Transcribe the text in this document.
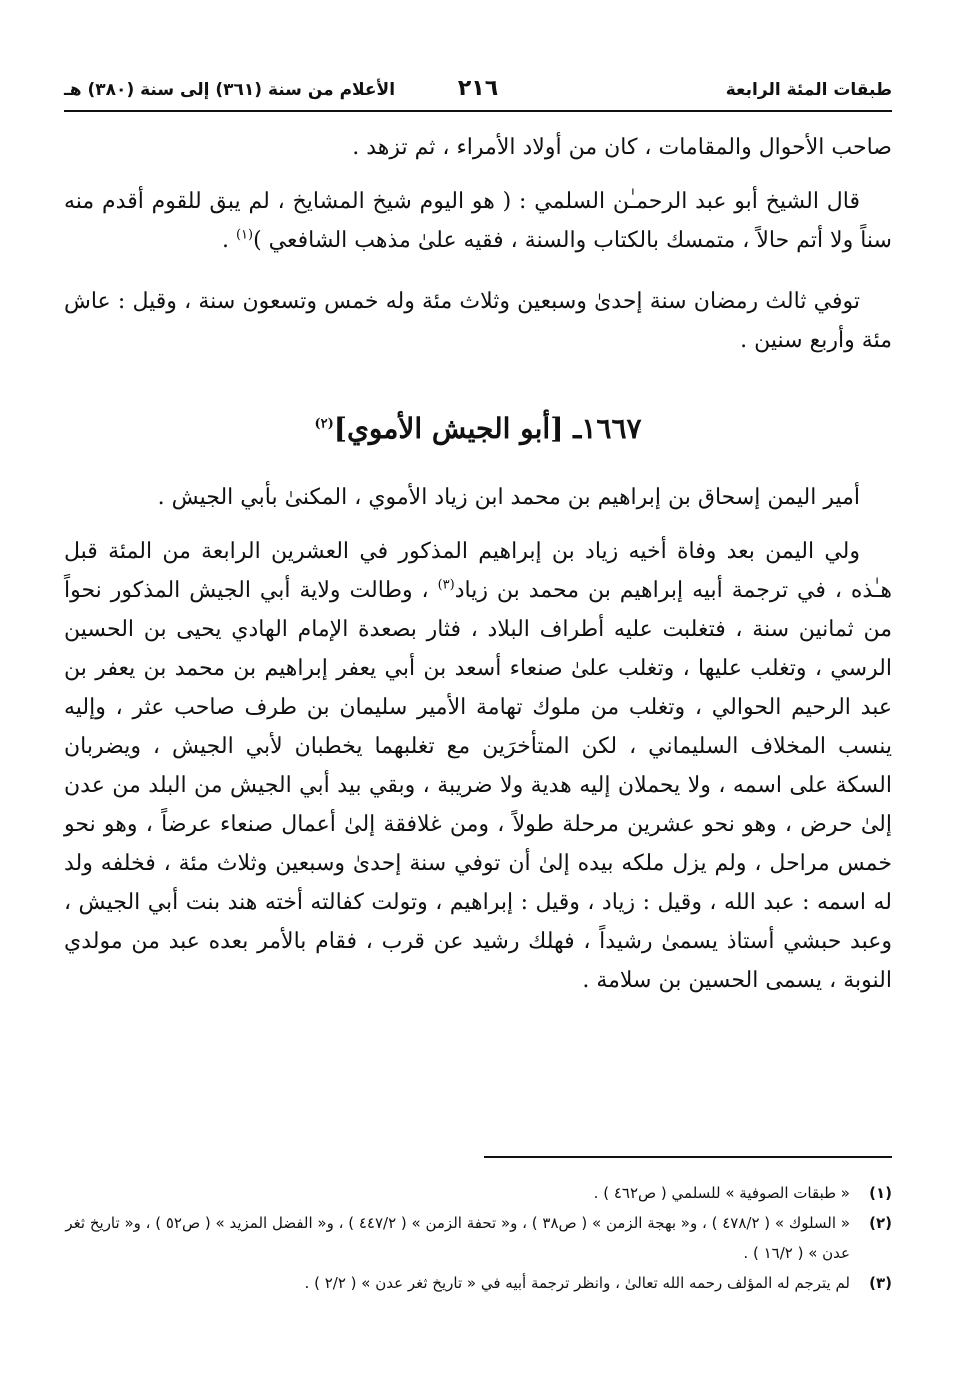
طبقات المئة الرابعة
٢١٦
الأعلام من سنة (٣٦١) إلى سنة (٣٨٠) هـ

صاحب الأحوال والمقامات ، كان من أولاد الأمراء ، ثم تزهد .

قال الشيخ أبو عبد الرحمـٰن السلمي : ( هو اليوم شيخ المشايخ ، لم يبق للقوم أقدم منه سناً ولا أتم حالاً ، متمسك بالكتاب والسنة ، فقيه علىٰ مذهب الشافعي )$^{(١)}$ .

توفي ثالث رمضان سنة إحدىٰ وسبعين وثلاث مئة وله خمس وتسعون سنة ، وقيل : عاش مئة وأربع سنين .

١٦٦٧ـ [أبو الجيش الأموي]$^{(٢)}$

أمير اليمن إسحاق بن إبراهيم بن محمد ابن زياد الأموي ، المكنىٰ بأبي الجيش .

ولي اليمن بعد وفاة أخيه زياد بن إبراهيم المذكور في العشرين الرابعة من المئة قبل هـٰذه ، في ترجمة أبيه إبراهيم بن محمد بن زياد$^{(٣)}$ ، وطالت ولاية أبي الجيش المذكور نحواً من ثمانين سنة ، فتغلبت عليه أطراف البلاد ، فثار بصعدة الإمام الهادي يحيى بن الحسين الرسي ، وتغلب عليها ، وتغلب علىٰ صنعاء أسعد بن أبي يعفر إبراهيم بن محمد بن يعفر بن عبد الرحيم الحوالي ، وتغلب من ملوك تهامة الأمير سليمان بن طرف صاحب عثر ، وإليه ينسب المخلاف السليماني ، لكن المتأخرَين مع تغلبهما يخطبان لأبي الجيش ، ويضربان السكة على اسمه ، ولا يحملان إليه هدية ولا ضريبة ، وبقي بيد أبي الجيش من البلد من عدن إلىٰ حرض ، وهو نحو عشرين مرحلة طولاً ، ومن غلافقة إلىٰ أعمال صنعاء عرضاً ، وهو نحو خمس مراحل ، ولم يزل ملكه بيده إلىٰ أن توفي سنة إحدىٰ وسبعين وثلاث مئة ، فخلفه ولد له اسمه : عبد الله ، وقيل : زياد ، وقيل : إبراهيم ، وتولت كفالته أخته هند بنت أبي الجيش ، وعبد حبشي أستاذ يسمىٰ رشيداً ، فهلك رشيد عن قرب ، فقام بالأمر بعده عبد من مولدي النوبة ، يسمى الحسين بن سلامة .

(١)
« طبقات الصوفية » للسلمي ( ص٤٦٢ ) .
(٢)
« السلوك » ( ٤٧٨/٢ ) ، و« بهجة الزمن » ( ص٣٨ ) ، و« تحفة الزمن » ( ٤٤٧/٢ ) ، و« الفضل المزيد » ( ص٥٢ ) ، و« تاريخ ثغر عدن » ( ١٦/٢ ) .
(٣)
لم يترجم له المؤلف رحمه الله تعالىٰ ، وانظر ترجمة أبيه في « تاريخ ثغر عدن » ( ٢/٢ ) .
